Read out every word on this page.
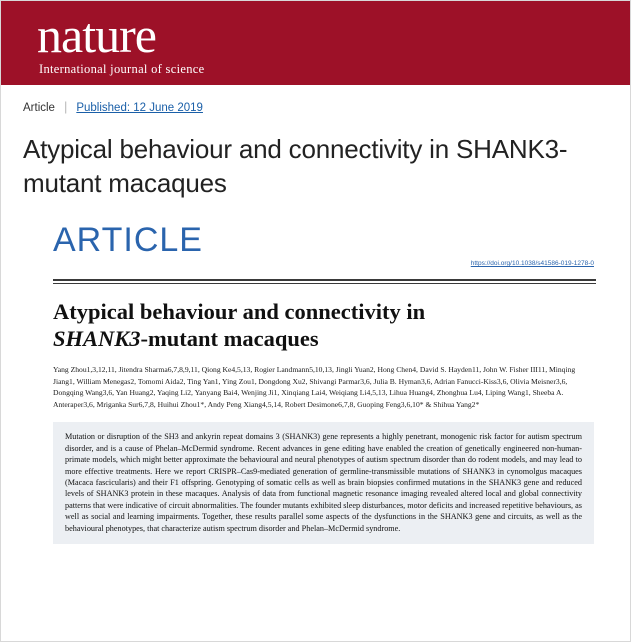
nature
International journal of science
Article | Published: 12 June 2019
Atypical behaviour and connectivity in SHANK3-mutant macaques
ARTICLE
https://doi.org/10.1038/s41586-019-1278-0
Atypical behaviour and connectivity in
SHANK3-mutant macaques
Yang Zhou1,3,12,11, Jitendra Sharma6,7,8,9,11, Qiong Ke4,5,13, Rogier Landmann5,10,13, Jingli Yuan2, Hong Chen4, David S. Hayden11, John W. Fisher III11, Minqing Jiang1, William Menegas2, Tomomi Aida2, Ting Yan1, Ying Zou1, Dongdong Xu2, Shivangi Parmar3,6, Julia B. Hyman3,6, Adrian Fanucci-Kiss3,6, Olivia Meisner3,6, Dongqing Wang3,6, Yan Huang2, Yaqing Li2, Yanyang Bai4, Wenjing Ji1, Xinqiang Lai4, Weiqiang Li4,5,13, Lihua Huang4, Zhonghua Lu4, Liping Wang1, Sheeba A. Anteraper3,6, Mriganka Sur6,7,8, Huihui Zhou1*, Andy Peng Xiang4,5,14, Robert Desimone6,7,8, Guoping Feng3,6,10* & Shihua Yang2*

Mutation or disruption of the SH3 and ankyrin repeat domains 3 (SHANK3) gene represents a highly penetrant, monogenic risk factor for autism spectrum disorder, and is a cause of Phelan–McDermid syndrome. Recent advances in gene editing have enabled the creation of genetically engineered non-human-primate models, which might better approximate the behavioural and neural phenotypes of autism spectrum disorder than do rodent models, and may lead to more effective treatments. Here we report CRISPR–Cas9-mediated generation of germline-transmissible mutations of SHANK3 in cynomolgus macaques (Macaca fascicularis) and their F1 offspring. Genotyping of somatic cells as well as brain biopsies confirmed mutations in the SHANK3 gene and reduced levels of SHANK3 protein in these macaques. Analysis of data from functional magnetic resonance imaging revealed altered local and global connectivity patterns that were indicative of circuit abnormalities. The founder mutants exhibited sleep disturbances, motor deficits and increased repetitive behaviours, as well as social and learning impairments. Together, these results parallel some aspects of the dysfunctions in the SHANK3 gene and circuits, as well as the behavioural phenotypes, that characterize autism spectrum disorder and Phelan–McDermid syndrome.
